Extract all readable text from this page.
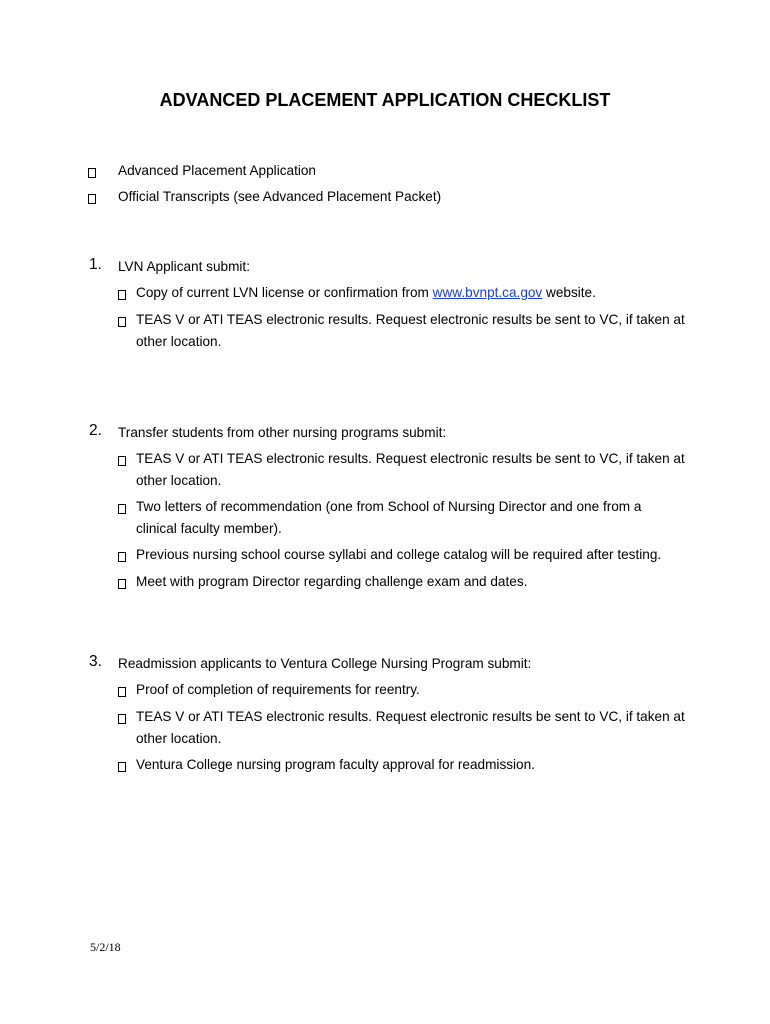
ADVANCED PLACEMENT APPLICATION CHECKLIST
Advanced Placement Application
Official Transcripts (see Advanced Placement Packet)
1. LVN Applicant submit:
Copy of current LVN license or confirmation from www.bvnpt.ca.gov website.
TEAS V or ATI TEAS electronic results. Request electronic results be sent to VC, if taken at
other location.
2. Transfer students from other nursing programs submit:
TEAS V or ATI TEAS electronic results. Request electronic results be sent to VC, if taken at
other location.
Two letters of recommendation (one from School of Nursing Director and one from a
clinical faculty member).
Previous nursing school course syllabi and college catalog will be required after testing.
Meet with program Director regarding challenge exam and dates.
3. Readmission applicants to Ventura College Nursing Program submit:
Proof of completion of requirements for reentry.
TEAS V or ATI TEAS electronic results. Request electronic results be sent to VC, if taken at
other location.
Ventura College nursing program faculty approval for readmission.
5/2/18
